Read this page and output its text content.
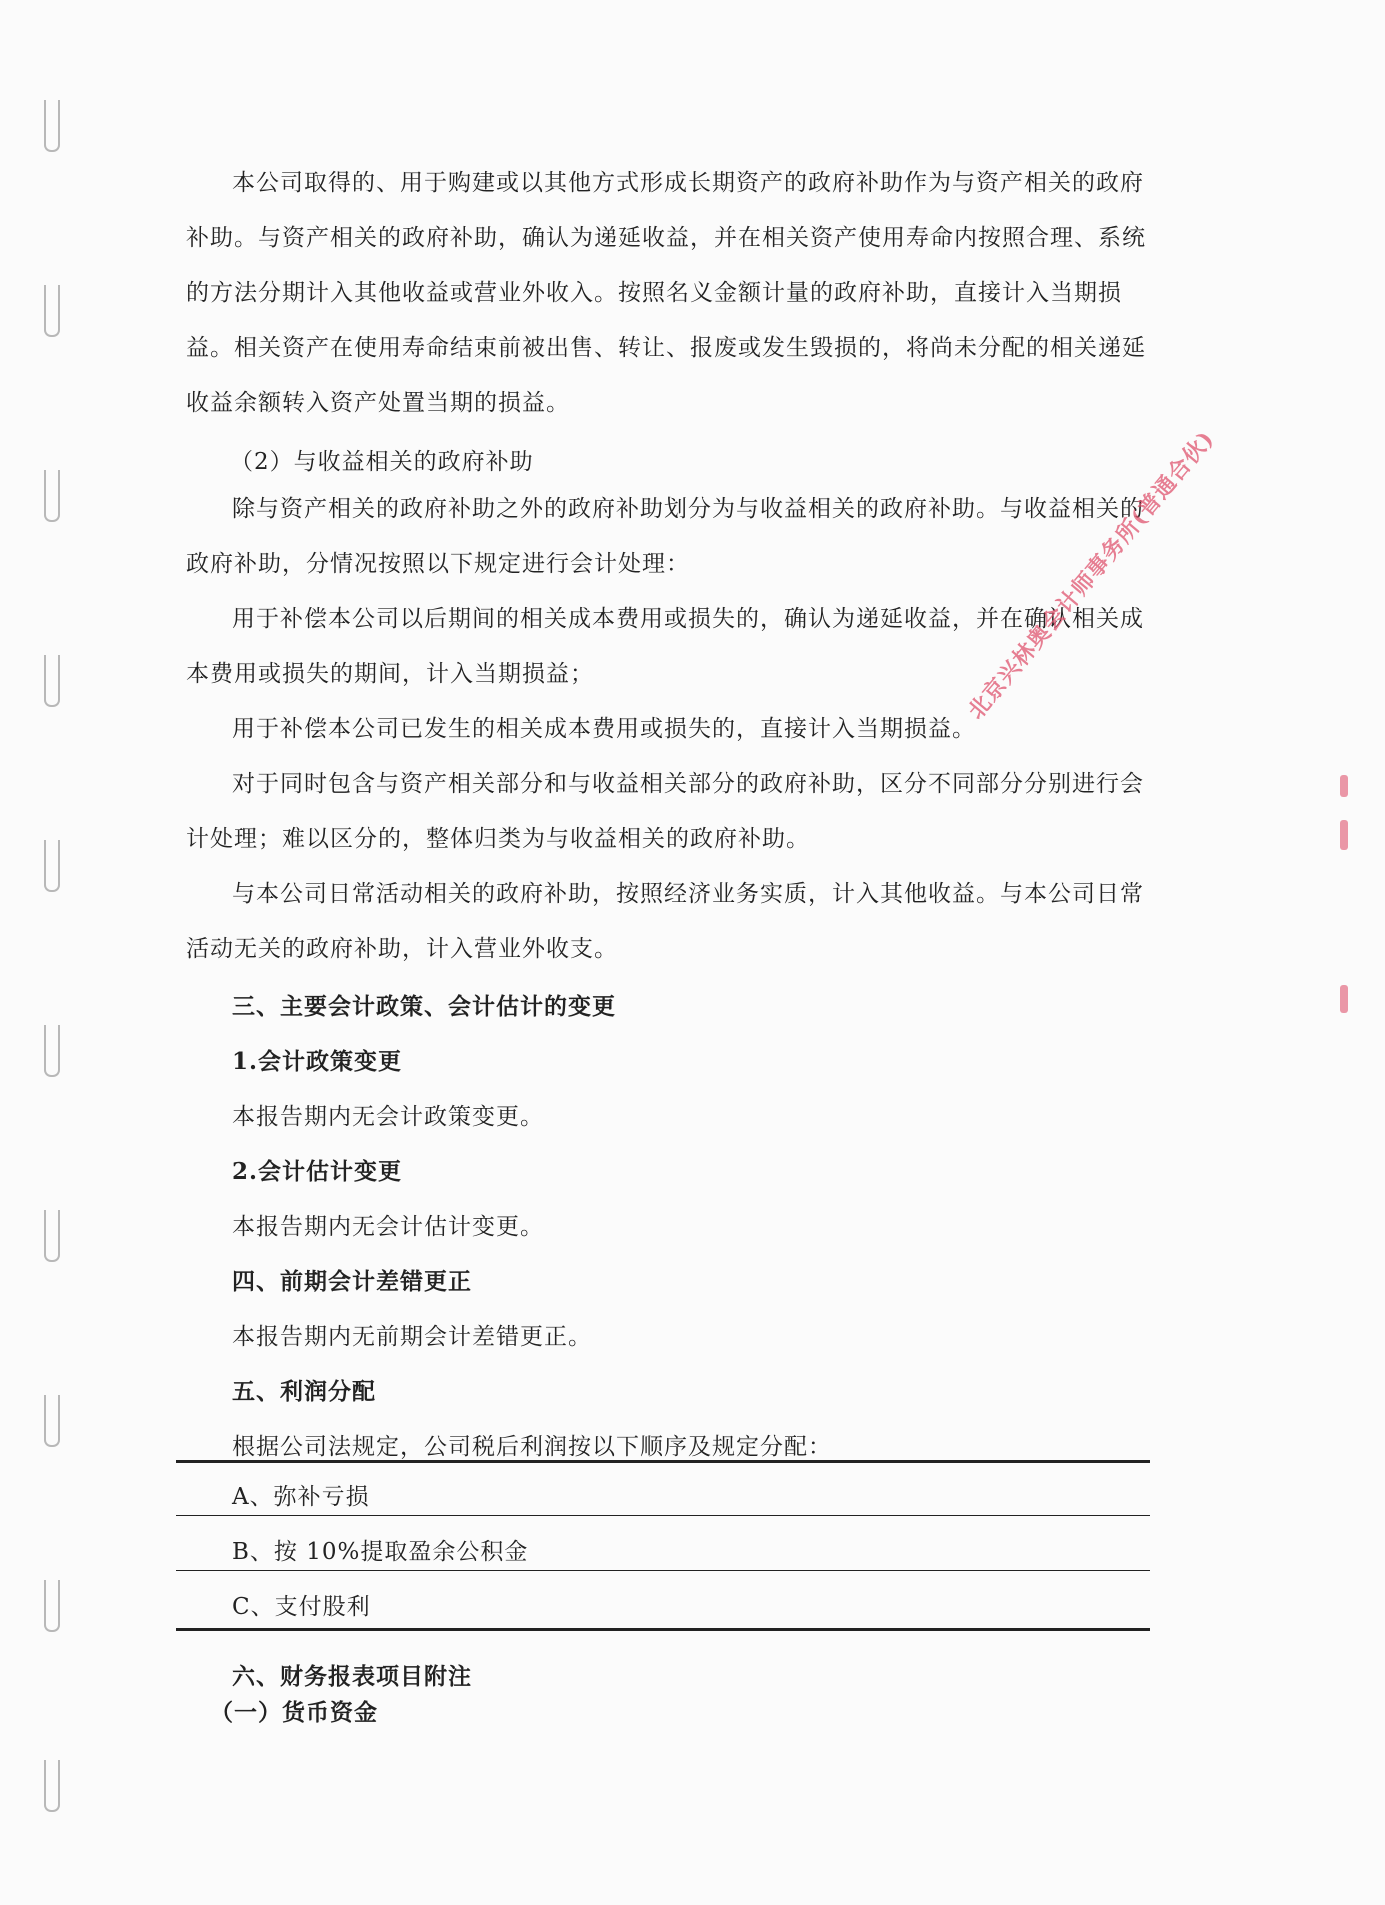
本公司取得的、用于购建或以其他方式形成长期资产的政府补助作为与资产相关的政府补助。与资产相关的政府补助，确认为递延收益，并在相关资产使用寿命内按照合理、系统的方法分期计入其他收益或营业外收入。按照名义金额计量的政府补助，直接计入当期损益。相关资产在使用寿命结束前被出售、转让、报废或发生毁损的，将尚未分配的相关递延收益余额转入资产处置当期的损益。
（2）与收益相关的政府补助
除与资产相关的政府补助之外的政府补助划分为与收益相关的政府补助。与收益相关的政府补助，分情况按照以下规定进行会计处理：
用于补偿本公司以后期间的相关成本费用或损失的，确认为递延收益，并在确认相关成本费用或损失的期间，计入当期损益；
用于补偿本公司已发生的相关成本费用或损失的，直接计入当期损益。
对于同时包含与资产相关部分和与收益相关部分的政府补助，区分不同部分分别进行会计处理；难以区分的，整体归类为与收益相关的政府补助。
与本公司日常活动相关的政府补助，按照经济业务实质，计入其他收益。与本公司日常活动无关的政府补助，计入营业外收支。
三、主要会计政策、会计估计的变更
1.会计政策变更
本报告期内无会计政策变更。
2.会计估计变更
本报告期内无会计估计变更。
四、前期会计差错更正
本报告期内无前期会计差错更正。
五、利润分配
根据公司法规定，公司税后利润按以下顺序及规定分配：
A、弥补亏损
B、按 10%提取盈余公积金
C、支付股利
六、财务报表项目附注
（一）货币资金
北京兴林奥会计师事务所(普通合伙)
